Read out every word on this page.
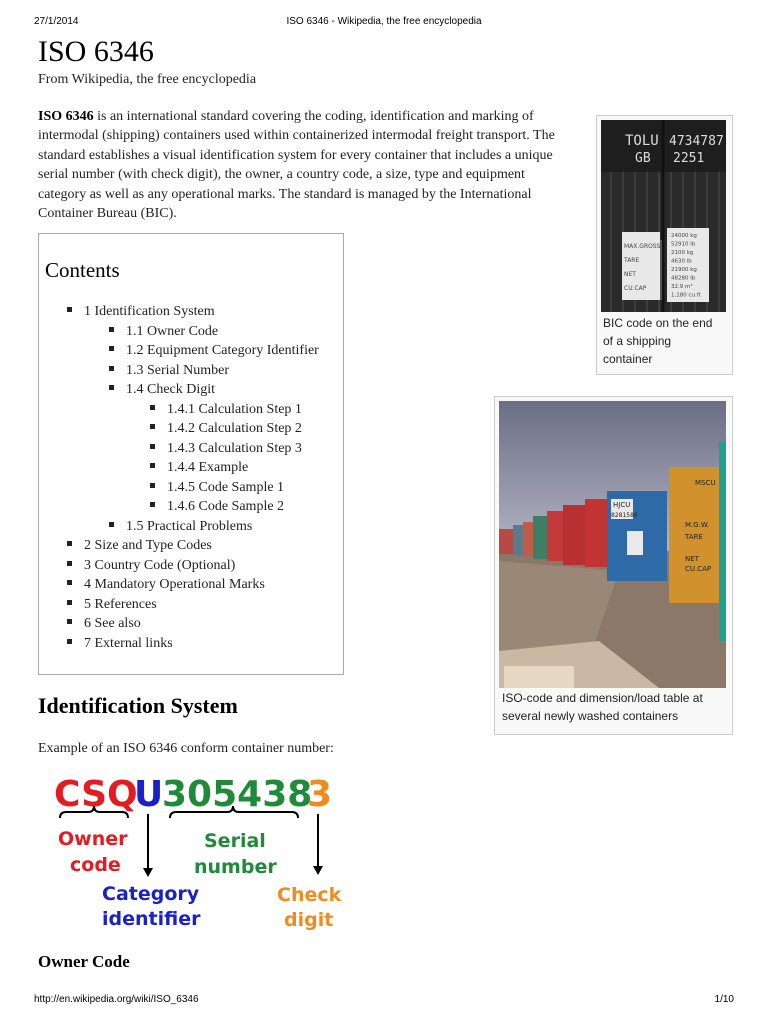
27/1/2014	ISO 6346 - Wikipedia, the free encyclopedia
ISO 6346
From Wikipedia, the free encyclopedia

ISO 6346 is an international standard covering the coding, identification and marking of intermodal (shipping) containers used within containerized intermodal freight transport. The standard establishes a visual identification system for every container that includes a unique serial number (with check digit), the owner, a country code, a size, type and equipment category as well as any operational marks. The standard is managed by the International Container Bureau (BIC).

Contents
1 Identification System
1.1 Owner Code
1.2 Equipment Category Identifier
1.3 Serial Number
1.4 Check Digit
1.4.1 Calculation Step 1
1.4.2 Calculation Step 2
1.4.3 Calculation Step 3
1.4.4 Example
1.4.5 Code Sample 1
1.4.6 Code Sample 2
1.5 Practical Problems
2 Size and Type Codes
3 Country Code (Optional)
4 Mandatory Operational Marks
5 References
6 See also
7 External links
TOLU 4734787
GB 2251
MAX.GROSS
TARE
NET
CU.CAP
24000 kg
52910 lb
2100 kg
4630 lb
21900 kg
48280 lb
32.9 m³
1,180 cu.ft
BIC code on the end
of a shipping
container
HJCU
8281586
MSCU
M.G.W.
TARE
NET
CU.CAP
ISO-code and dimension/load table at
several newly washed containers
Identification System
Example of an ISO 6346 conform container number:
CSQ
U
305438
3
Owner
code
Serial
number
Category
identifier
Check
digit
Owner Code
http://en.wikipedia.org/wiki/ISO_6346	1/10
